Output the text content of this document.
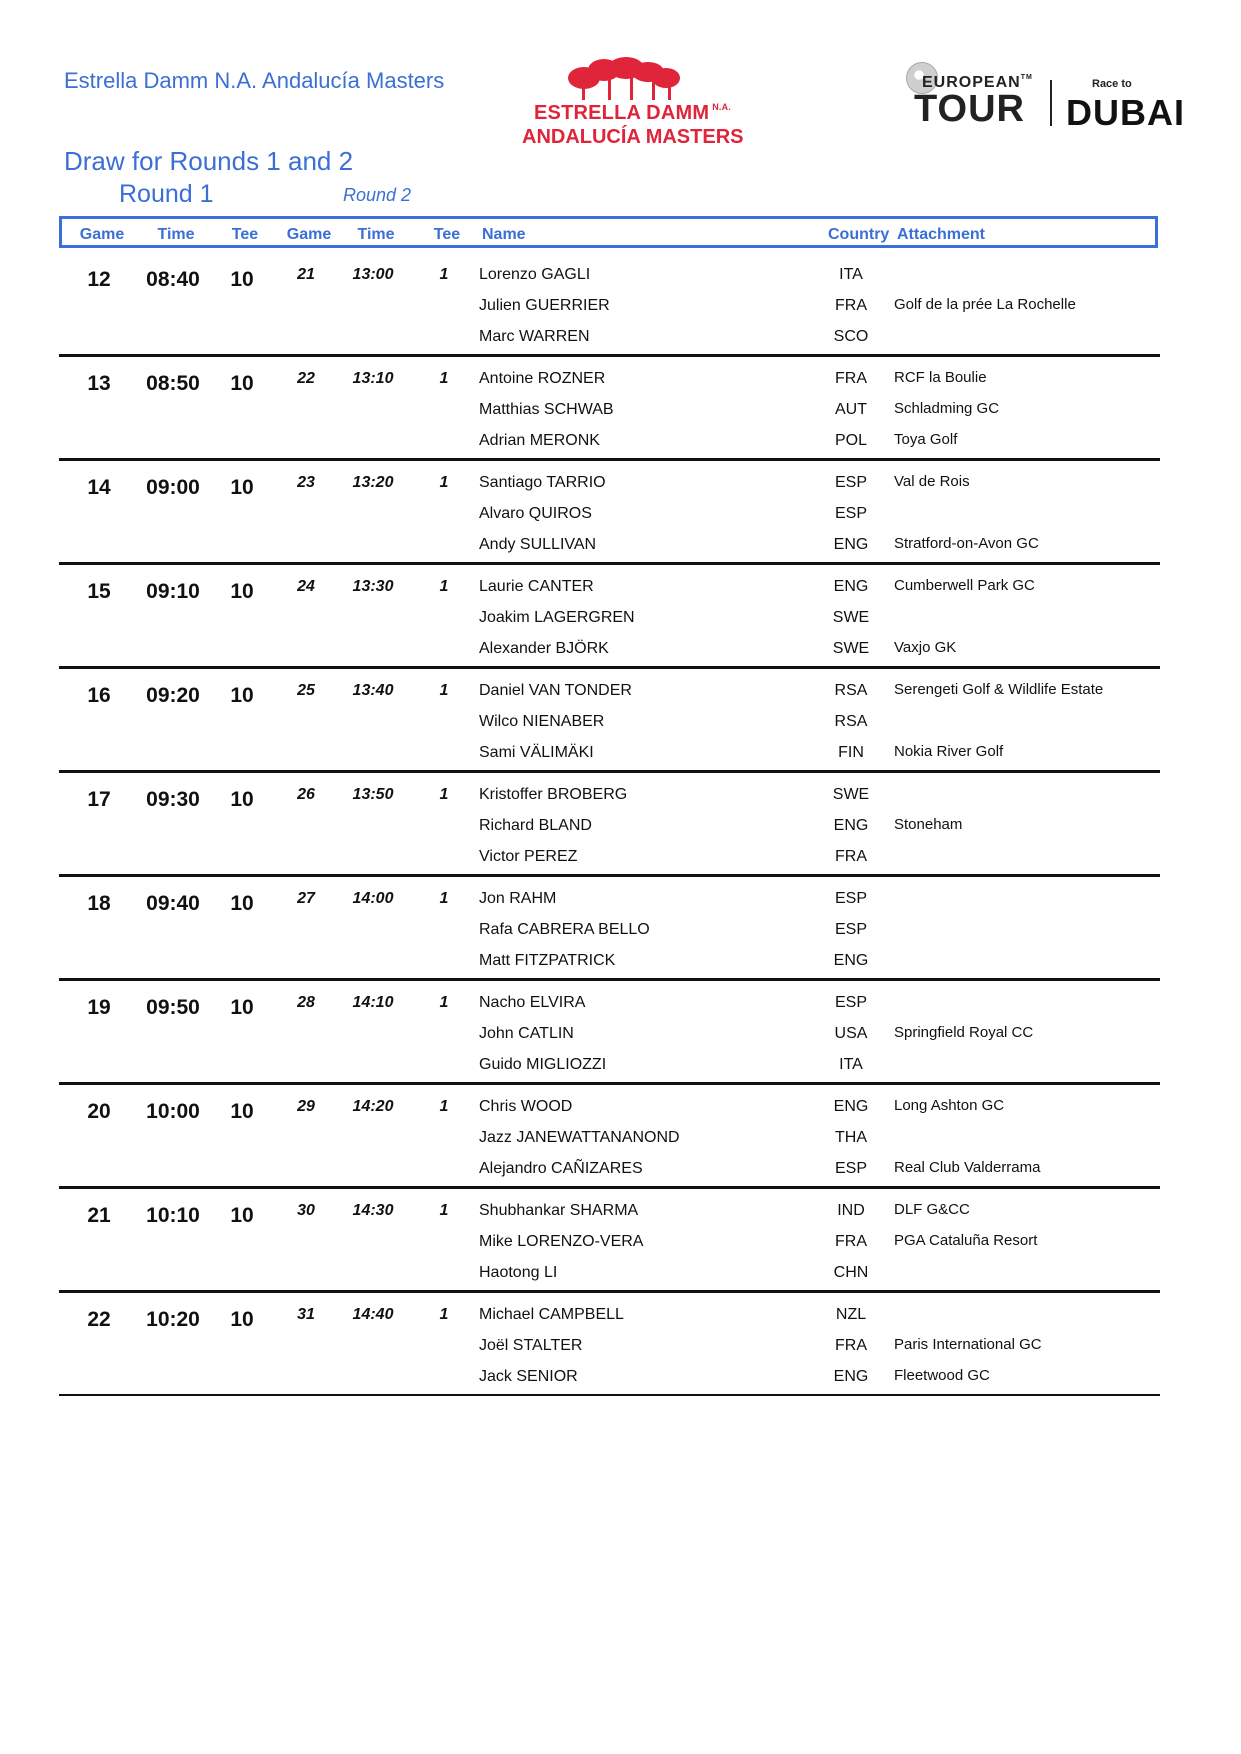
Estrella Damm N.A. Andalucía Masters
ESTRELLA DAMM $^{N.A.}$
ANDALUCÍA MASTERS
EUROPEAN™
TOUR
Race to
DUBAI
Draw for Rounds 1 and 2
Round 1	Round 2
Game Time Tee Game Time Tee Name	Country Attachment
12 08:40 10	21 13:00	1 Lorenzo GAGLI	ITA
Julien GUERRIER	FRA Golf de la prée La Rochelle
Marc WARREN	SCO
13 08:50 10	22 13:10	1 Antoine ROZNER	FRA RCF la Boulie
Matthias SCHWAB	AUT Schladming GC
Adrian MERONK	POL Toya Golf
14 09:00 10	23 13:20	1 Santiago TARRIO	ESP Val de Rois
Alvaro QUIROS	ESP
Andy SULLIVAN	ENG Stratford-on-Avon GC
15 09:10 10	24 13:30	1 Laurie CANTER	ENG Cumberwell Park GC
Joakim LAGERGREN	SWE
Alexander BJÖRK	SWE Vaxjo GK
16 09:20 10	25 13:40	1 Daniel VAN TONDER	RSA Serengeti Golf & Wildlife Estate
Wilco NIENABER	RSA
Sami VÄLIMÄKI	FIN Nokia River Golf
17 09:30 10	26 13:50	1 Kristoffer BROBERG	SWE
Richard BLAND	ENG Stoneham
Victor PEREZ	FRA
18 09:40 10	27 14:00	1 Jon RAHM	ESP
Rafa CABRERA BELLO	ESP
Matt FITZPATRICK	ENG
19 09:50 10	28 14:10	1 Nacho ELVIRA	ESP
John CATLIN	USA Springfield Royal CC
Guido MIGLIOZZI	ITA
20 10:00 10	29 14:20	1 Chris WOOD	ENG Long Ashton GC
Jazz JANEWATTANANOND	THA
Alejandro CAÑIZARES	ESP Real Club Valderrama
21 10:10 10	30 14:30	1 Shubhankar SHARMA	IND DLF G&CC
Mike LORENZO-VERA	FRA PGA Cataluña Resort
Haotong LI	CHN
22 10:20 10	31 14:40	1 Michael CAMPBELL	NZL
Joël STALTER	FRA Paris International GC
Jack SENIOR	ENG Fleetwood GC
